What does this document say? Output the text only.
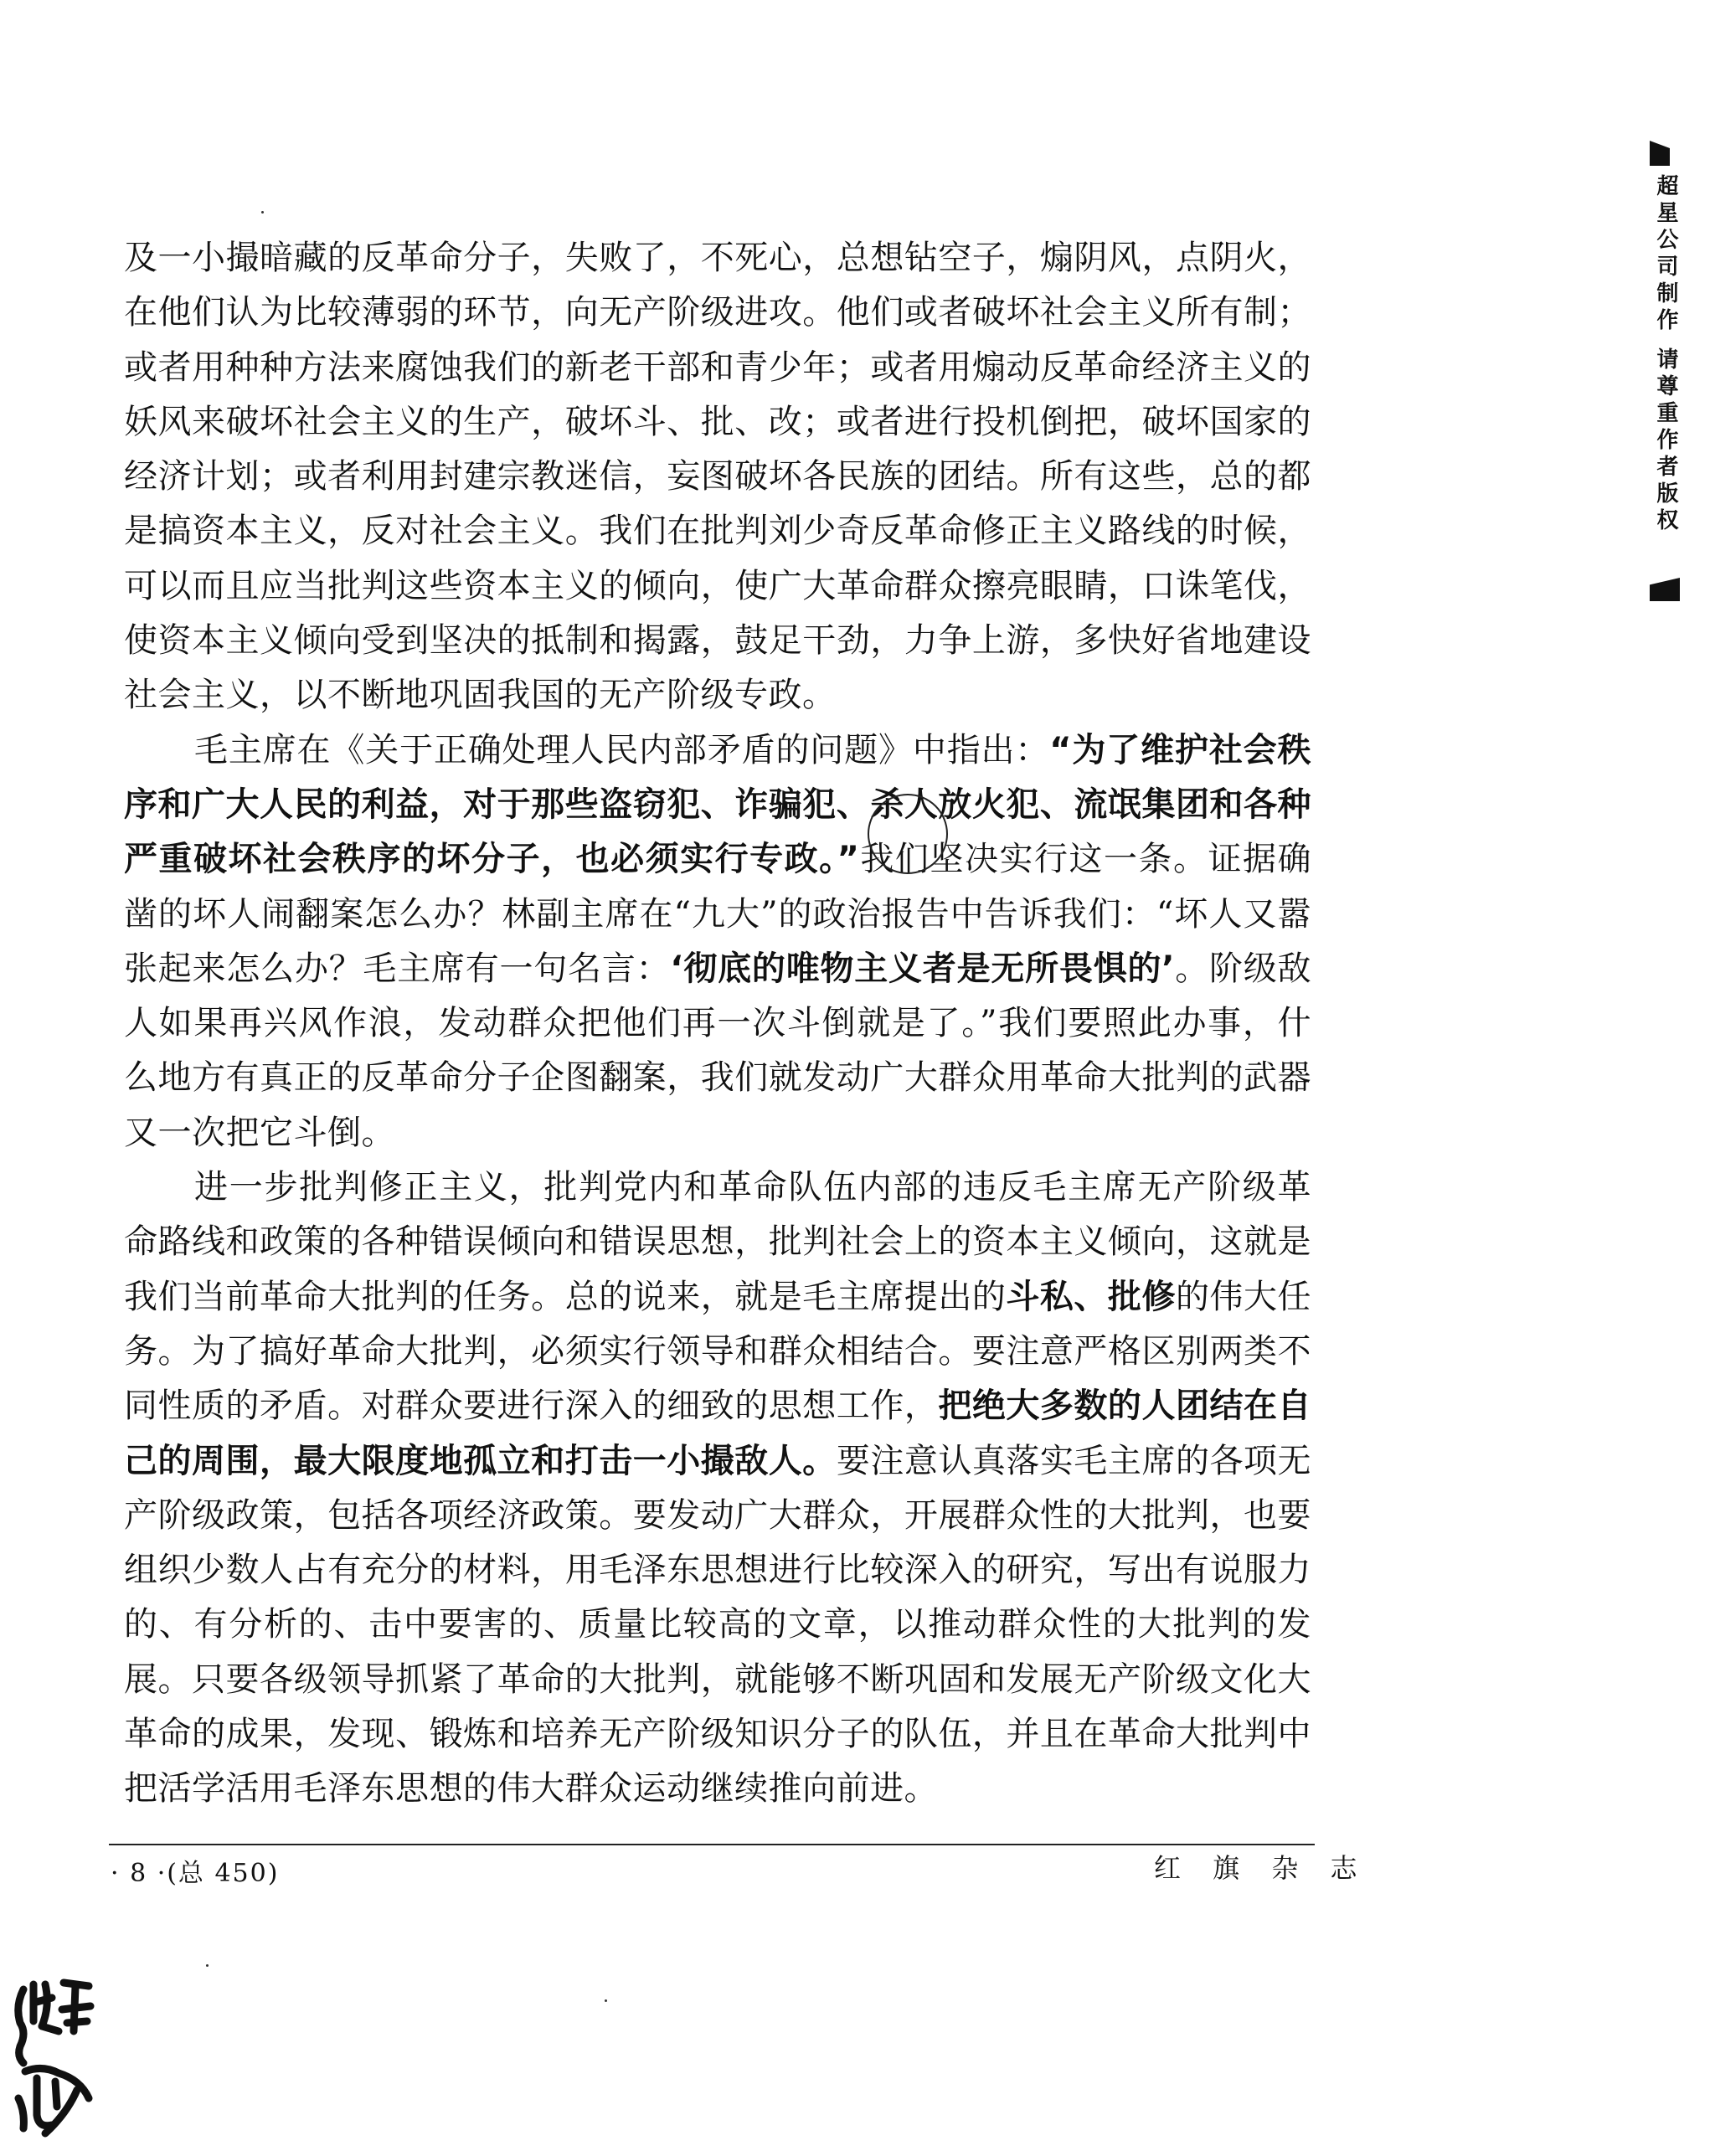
及一小撮暗藏的反革命分子，失败了，不死心，总想钻空子，煽阴风，点阴火，在他们认为比较薄弱的环节，向无产阶级进攻。他们或者破坏社会主义所有制；或者用种种方法来腐蚀我们的新老干部和青少年；或者用煽动反革命经济主义的妖风来破坏社会主义的生产，破坏斗、批、改；或者进行投机倒把，破坏国家的经济计划；或者利用封建宗教迷信，妄图破坏各民族的团结。所有这些，总的都是搞资本主义，反对社会主义。我们在批判刘少奇反革命修正主义路线的时候，可以而且应当批判这些资本主义的倾向，使广大革命群众擦亮眼睛，口诛笔伐，使资本主义倾向受到坚决的抵制和揭露，鼓足干劲，力争上游，多快好省地建设社会主义，以不断地巩固我国的无产阶级专政。

毛主席在《关于正确处理人民内部矛盾的问题》中指出：“为了维护社会秩序和广大人民的利益，对于那些盗窃犯、诈骗犯、杀人放火犯、流氓集团和各种严重破坏社会秩序的坏分子，也必须实行专政。”我们坚决实行这一条。证据确凿的坏人闹翻案怎么办？林副主席在“九大”的政治报告中告诉我们：“坏人又嚣张起来怎么办？毛主席有一句名言：‘彻底的唯物主义者是无所畏惧的’。阶级敌人如果再兴风作浪，发动群众把他们再一次斗倒就是了。”我们要照此办事，什么地方有真正的反革命分子企图翻案，我们就发动广大群众用革命大批判的武器又一次把它斗倒。

进一步批判修正主义，批判党内和革命队伍内部的违反毛主席无产阶级革命路线和政策的各种错误倾向和错误思想，批判社会上的资本主义倾向，这就是我们当前革命大批判的任务。总的说来，就是毛主席提出的斗私、批修的伟大任务。为了搞好革命大批判，必须实行领导和群众相结合。要注意严格区别两类不同性质的矛盾。对群众要进行深入的细致的思想工作，把绝大多数的人团结在自己的周围，最大限度地孤立和打击一小撮敌人。要注意认真落实毛主席的各项无产阶级政策，包括各项经济政策。要发动广大群众，开展群众性的大批判，也要组织少数人占有充分的材料，用毛泽东思想进行比较深入的研究，写出有说服力的、有分析的、击中要害的、质量比较高的文章，以推动群众性的大批判的发展。只要各级领导抓紧了革命的大批判，就能够不断巩固和发展无产阶级文化大革命的成果，发现、锻炼和培养无产阶级知识分子的队伍，并且在革命大批判中把活学活用毛泽东思想的伟大群众运动继续推向前进。

· 8 ·(总 450)	红 旗 杂 志
超星公司制作 请尊重作者版权
